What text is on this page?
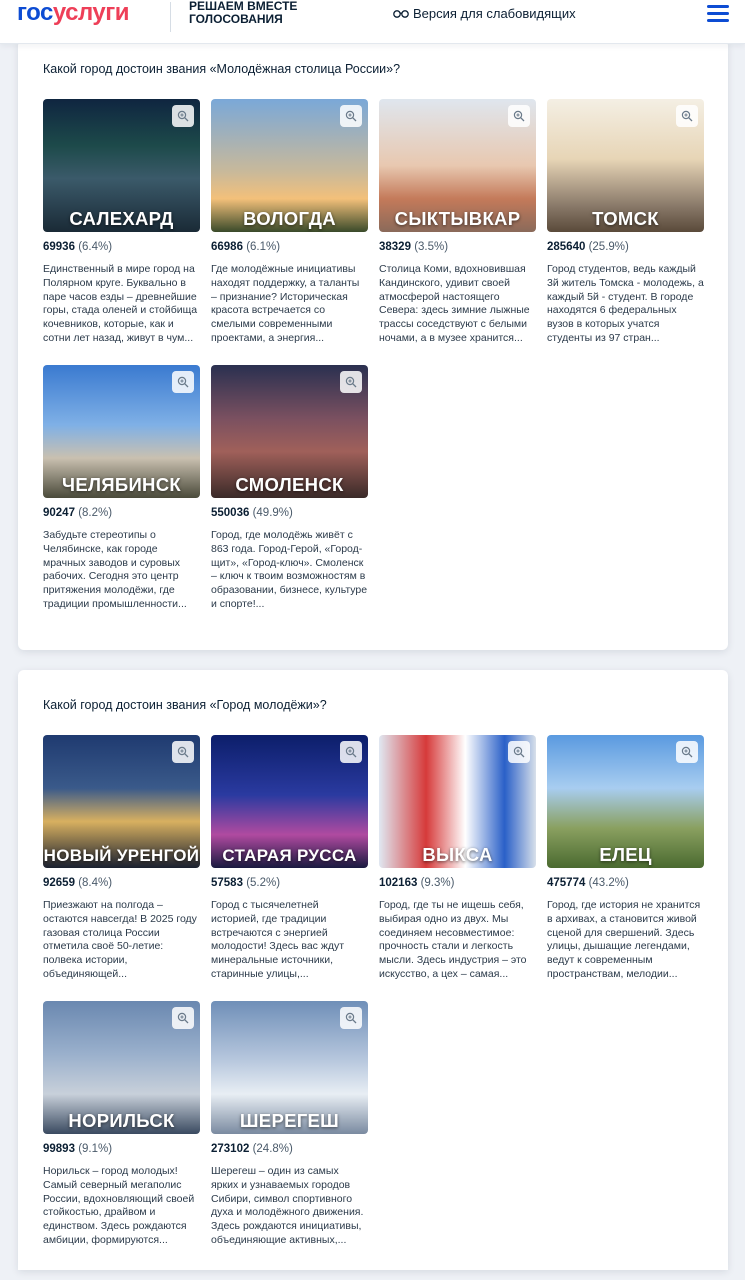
госуслуги	РЕШАЕМ ВМЕСТЕ
ГОЛОСОВАНИЯ	Версия для слабовидящих
Какой город достоин звания «Молодёжная столица России»?
САЛЕХАРД
69936 (6.4%)
Единственный в мире город на Полярном круге. Буквально в паре часов езды – древнейшие горы, стада оленей и стойбища кочевников, которые, как и сотни лет назад, живут в чум...
ВОЛОГДА
66986 (6.1%)
Где молодёжные инициативы находят поддержку, а таланты – признание? Историческая красота встречается со смелыми современными проектами, а энергия...
СЫКТЫВКАР
38329 (3.5%)
Столица Коми, вдохновившая Кандинского, удивит своей атмосферой настоящего Севера: здесь зимние лыжные трассы соседствуют с белыми ночами, а в музее хранится...
ТОМСК
285640 (25.9%)
Город студентов, ведь каждый 3й житель Томска - молодежь, а каждый 5й - студент. В городе находятся 6 федеральных вузов в которых учатся студенты из 97 стран...
ЧЕЛЯБИНСК
90247 (8.2%)
Забудьте стереотипы о Челябинске, как городе мрачных заводов и суровых рабочих. Сегодня это центр притяжения молодёжи, где традиции промышленности...
СМОЛЕНСК
550036 (49.9%)
Город, где молодёжь живёт с 863 года. Город-Герой, «Город-щит», «Город-ключ». Смоленск – ключ к твоим возможностям в образовании, бизнесе, культуре и спорте!...
Какой город достоин звания «Город молодёжи»?
НОВЫЙ УРЕНГОЙ
92659 (8.4%)
Приезжают на полгода – остаются навсегда! В 2025 году газовая столица России отметила своё 50-летие: полвека истории, объединяющей...
СТАРАЯ РУССА
57583 (5.2%)
Город с тысячелетней историей, где традиции встречаются с энергией молодости! Здесь вас ждут минеральные источники, старинные улицы,...
ВЫКСА
102163 (9.3%)
Город, где ты не ищешь себя, выбирая одно из двух. Мы соединяем несовместимое: прочность стали и легкость мысли. Здесь индустрия – это искусство, а цех – самая...
ЕЛЕЦ
475774 (43.2%)
Город, где история не хранится в архивах, а становится живой сценой для свершений. Здесь улицы, дышащие легендами, ведут к современным пространствам, мелодии...
НОРИЛЬСК
99893 (9.1%)
Норильск – город молодых! Самый северный мегаполис России, вдохновляющий своей стойкостью, драйвом и единством. Здесь рождаются амбиции, формируются...
ШЕРЕГЕШ
273102 (24.8%)
Шерегеш – один из самых ярких и узнаваемых городов Сибири, символ спортивного духа и молодёжного движения. Здесь рождаются инициативы, объединяющие активных,...
